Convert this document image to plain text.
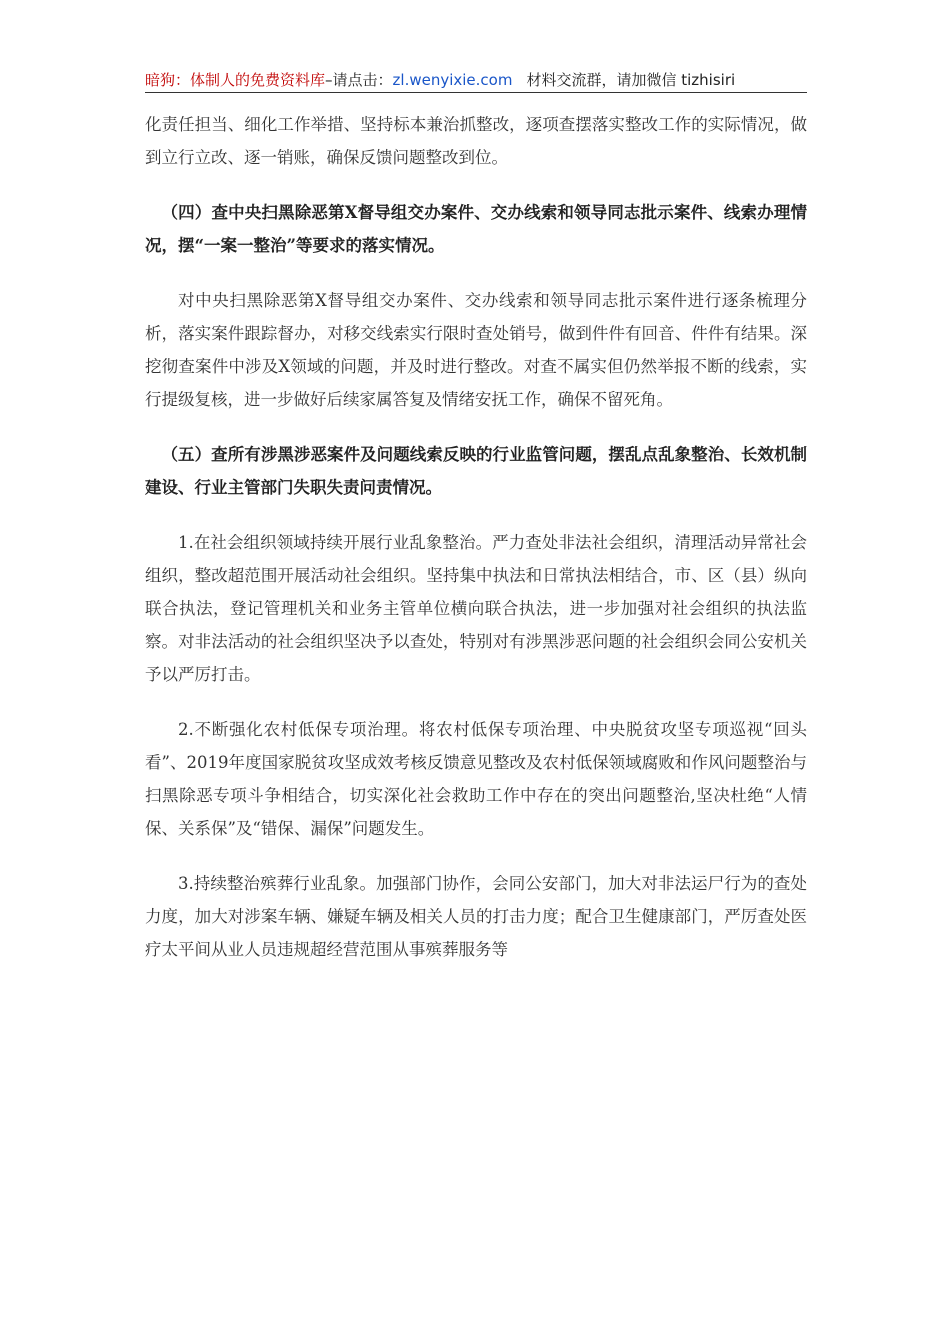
暗狗：体制人的免费资料库–请点击：zl.wenyixie.com 材料交流群，请加微信 tizhisiri

化责任担当、细化工作举措、坚持标本兼治抓整改，逐项查摆落实整改工作的实际情况，做到立行立改、逐一销账，确保反馈问题整改到位。

（四）查中央扫黑除恶第X督导组交办案件、交办线索和领导同志批示案件、线索办理情况，摆“一案一整治”等要求的落实情况。

对中央扫黑除恶第X督导组交办案件、交办线索和领导同志批示案件进行逐条梳理分析，落实案件跟踪督办，对移交线索实行限时查处销号，做到件件有回音、件件有结果。深挖彻查案件中涉及X领域的问题，并及时进行整改。对查不属实但仍然举报不断的线索，实行提级复核，进一步做好后续家属答复及情绪安抚工作，确保不留死角。

（五）查所有涉黑涉恶案件及问题线索反映的行业监管问题，摆乱点乱象整治、长效机制建设、行业主管部门失职失责问责情况。

1.在社会组织领域持续开展行业乱象整治。严力查处非法社会组织，清理活动异常社会组织，整改超范围开展活动社会组织。坚持集中执法和日常执法相结合，市、区（县）纵向联合执法，登记管理机关和业务主管单位横向联合执法，进一步加强对社会组织的执法监察。对非法活动的社会组织坚决予以查处，特别对有涉黑涉恶问题的社会组织会同公安机关予以严厉打击。

2.不断强化农村低保专项治理。将农村低保专项治理、中央脱贫攻坚专项巡视“回头看”、2019年度国家脱贫攻坚成效考核反馈意见整改及农村低保领域腐败和作风问题整治与扫黑除恶专项斗争相结合，切实深化社会救助工作中存在的突出问题整治,坚决杜绝“人情保、关系保”及“错保、漏保”问题发生。

3.持续整治殡葬行业乱象。加强部门协作，会同公安部门，加大对非法运尸行为的查处力度，加大对涉案车辆、嫌疑车辆及相关人员的打击力度；配合卫生健康部门，严厉查处医疗太平间从业人员违规超经营范围从事殡葬服务等
